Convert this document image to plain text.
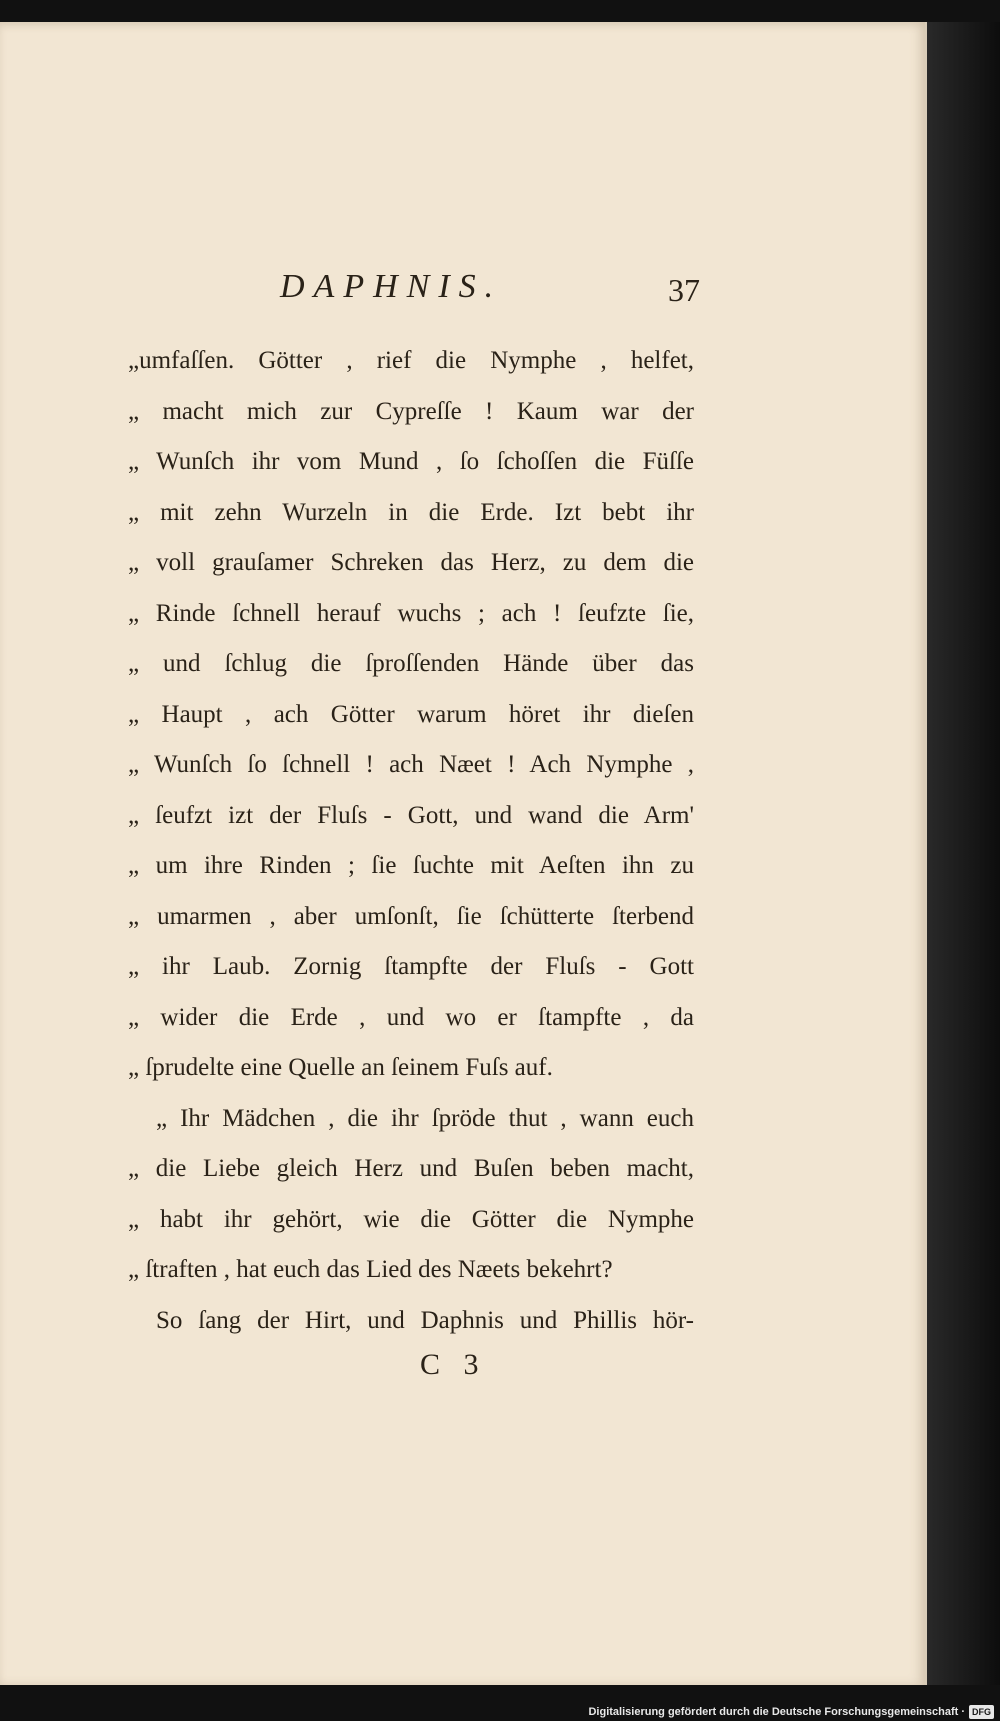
DAPHNIS.	37
„umfaſſen. Götter , rief die Nymphe , helfet,
„ macht mich zur Cypreſſe ! Kaum war der
„ Wunſch ihr vom Mund , ſo ſchoſſen die Füſſe
„ mit zehn Wurzeln in die Erde. Izt bebt ihr
„ voll grauſamer Schreken das Herz, zu dem die
„ Rinde ſchnell herauf wuchs ; ach ! ſeufzte ſie,
„ und ſchlug die ſproſſenden Hände über das
„ Haupt , ach Götter warum höret ihr dieſen
„ Wunſch ſo ſchnell ! ach Næet ! Ach Nymphe ,
„ ſeufzt izt der Fluſs - Gott, und wand die Arm'
„ um ihre Rinden ; ſie ſuchte mit Aeſten ihn zu
„ umarmen , aber umſonſt, ſie ſchütterte ſterbend
„ ihr Laub. Zornig ſtampfte der Fluſs - Gott
„ wider die Erde , und wo er ſtampfte , da
„ ſprudelte eine Quelle an ſeinem Fuſs auf.
„ Ihr Mädchen , die ihr ſpröde thut , wann euch
„ die Liebe gleich Herz und Buſen beben macht,
„ habt ihr gehört, wie die Götter die Nymphe
„ ſtraften , hat euch das Lied des Næets bekehrt?
So ſang der Hirt, und Daphnis und Phillis hör-
C 3
Digitalisierung gefördert durch die Deutsche Forschungsgemeinschaft · DFG
